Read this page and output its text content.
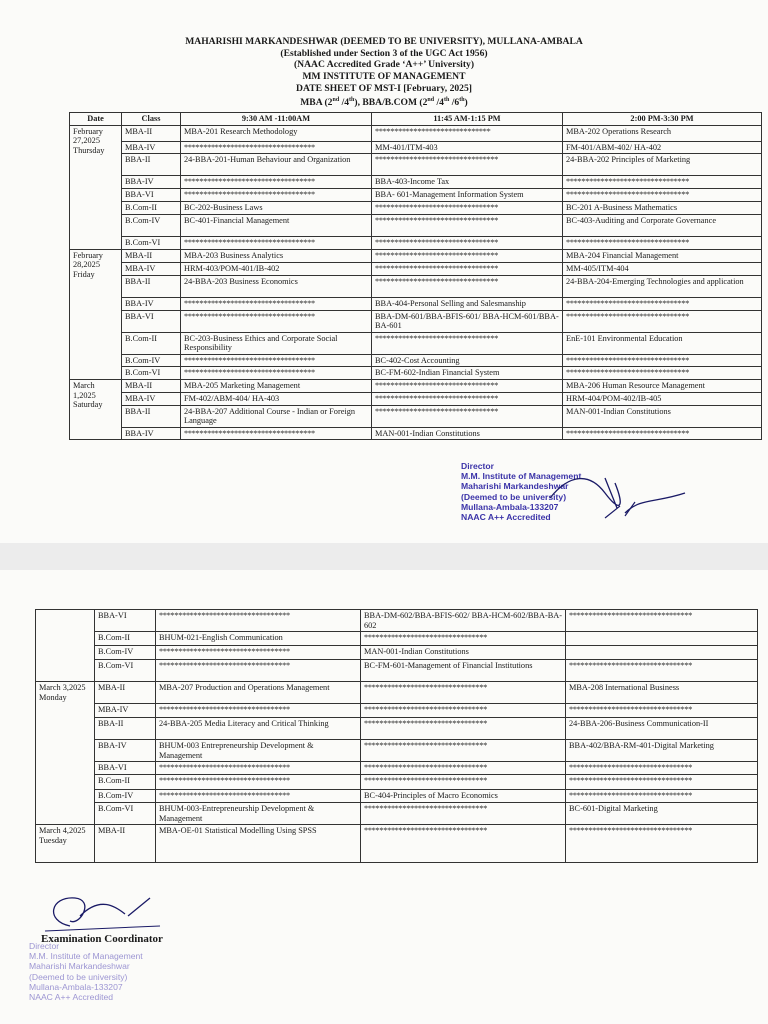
MAHARISHI MARKANDESHWAR (DEEMED TO BE UNIVERSITY), MULLANA-AMBALA
(Established under Section 3 of the UGC Act 1956)
(NAAC Accredited Grade ‘A++’ University)
MM INSTITUTE OF MANAGEMENT
DATE SHEET OF MST-I [February, 2025]
MBA (2nd /4th), BBA/B.COM (2nd /4th /6th)
Date	Class	9:30 AM -11:00AM	11:45 AM-1:15 PM	2:00 PM-3:30 PM
February 27,2025 Thursday	MBA-II	MBA-201 Research Methodology	******************************	MBA-202 Operations Research
	MBA-IV	**********************************	MM-401/ITM-403	FM-401/ABM-402/ HA-402
	BBA-II	24-BBA-201-Human Behaviour and Organization	********************************	24-BBA-202 Principles of Marketing
	BBA-IV	**********************************	BBA-403-Income Tax	********************************
	BBA-VI	**********************************	BBA- 601-Management Information System	********************************
	B.Com-II	BC-202-Business Laws	********************************	BC-201 A-Business Mathematics
	B.Com-IV	BC-401-Financial Management	********************************	BC-403-Auditing and Corporate Governance
	B.Com-VI	**********************************	********************************	********************************
February 28,2025 Friday	MBA-II	MBA-203 Business Analytics	********************************	MBA-204 Financial Management
	MBA-IV	HRM-403/POM-401/IB-402	********************************	MM-405/ITM-404
	BBA-II	24-BBA-203 Business Economics	********************************	24-BBA-204-Emerging Technologies and application
	BBA-IV	**********************************	BBA-404-Personal Selling and Salesmanship	********************************
	BBA-VI	**********************************	BBA-DM-601/BBA-BFIS-601/ BBA-HCM-601/BBA-BA-601	********************************
	B.Com-II	BC-203-Business Ethics and Corporate Social Responsibility	********************************	EnE-101 Environmental Education
	B.Com-IV	**********************************	BC-402-Cost Accounting	********************************
	B.Com-VI	**********************************	BC-FM-602-Indian Financial System	********************************
March 1,2025 Saturday	MBA-II	MBA-205 Marketing Management	********************************	MBA-206 Human Resource Management
	MBA-IV	FM-402/ABM-404/ HA-403	********************************	HRM-404/POM-402/IB-405
	BBA-II	24-BBA-207 Additional Course - Indian or Foreign Language	********************************	MAN-001-Indian Constitutions
	BBA-IV	**********************************	MAN-001-Indian Constitutions	********************************
Director
M.M. Institute of Management
Maharishi Markandeshwar
(Deemed to be university)
Mullana-Ambala-133207
NAAC A++ Accredited
	BBA-VI	**********************************	BBA-DM-602/BBA-BFIS-602/ BBA-HCM-602/BBA-BA-602	********************************
	B.Com-II	BHUM-021-English Communication	********************************	
	B.Com-IV	**********************************	MAN-001-Indian Constitutions	
	B.Com-VI	**********************************	BC-FM-601-Management of Financial Institutions	********************************
March 3,2025 Monday	MBA-II	MBA-207 Production and Operations Management	********************************	MBA-208 International Business
	MBA-IV	**********************************	********************************	********************************
	BBA-II	24-BBA-205 Media Literacy and Critical Thinking	********************************	24-BBA-206-Business Communication-II
	BBA-IV	BHUM-003 Entrepreneurship Development & Management	********************************	BBA-402/BBA-RM-401-Digital Marketing
	BBA-VI	**********************************	********************************	********************************
	B.Com-II	**********************************	********************************	********************************
	B.Com-IV	**********************************	BC-404-Principles of Macro Economics	********************************
	B.Com-VI	BHUM-003-Entrepreneurship Development & Management	********************************	BC-601-Digital Marketing
March 4,2025 Tuesday	MBA-II	MBA-OE-01 Statistical Modelling Using SPSS	********************************	********************************
Examination Coordinator
Director
M.M. Institute of Management
Maharishi Markandeshwar
(Deemed to be university)
Mullana-Ambala-133207
NAAC A++ Accredited
